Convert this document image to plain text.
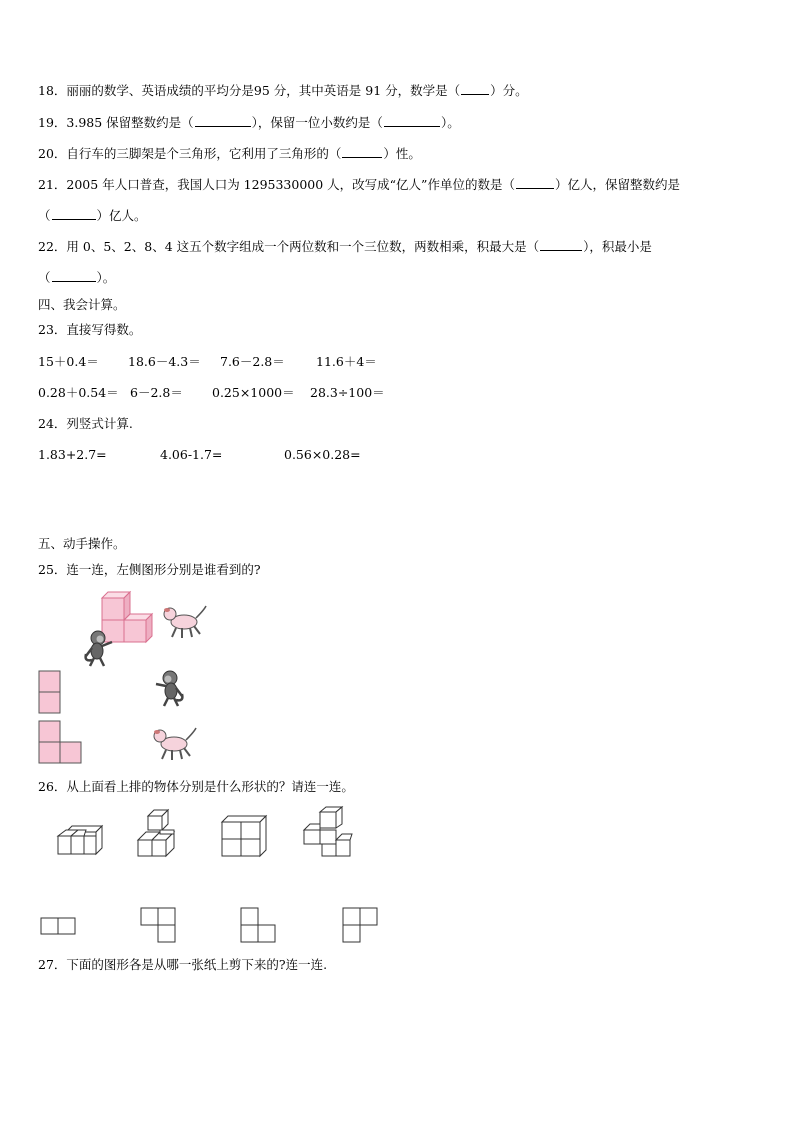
18．丽丽的数学、英语成绩的平均分是95 分，其中英语是 91 分，数学是（ ）分。
19．3.985 保留整数约是（	），保留一位小数约是（	）。
20．自行车的三脚架是个三角形，它利用了三角形的（	）性。
21．2005 年人口普查，我国人口为 1295330000 人，改写成“亿人”作单位的数是（	）亿人，保留整数约是
（	）亿人。
22．用 0、5、2、8、4 这五个数字组成一个两位数和一个三位数，两数相乘，积最大是（	），积最小是
（	）。
四、我会计算。
23．直接写得数。
15＋0.4＝ 18.6－4.3＝ 7.6－2.8＝ 11.6＋4＝
0.28＋0.54＝ 6－2.8＝ 0.25×1000＝ 28.3÷100＝
24．列竖式计算.
1.83+2.7=	4.06-1.7=	0.56×0.28=
五、动手操作。
25．连一连，左侧图形分别是谁看到的?
26．从上面看上排的物体分别是什么形状的？请连一连。
27．下面的图形各是从哪一张纸上剪下来的?连一连.
